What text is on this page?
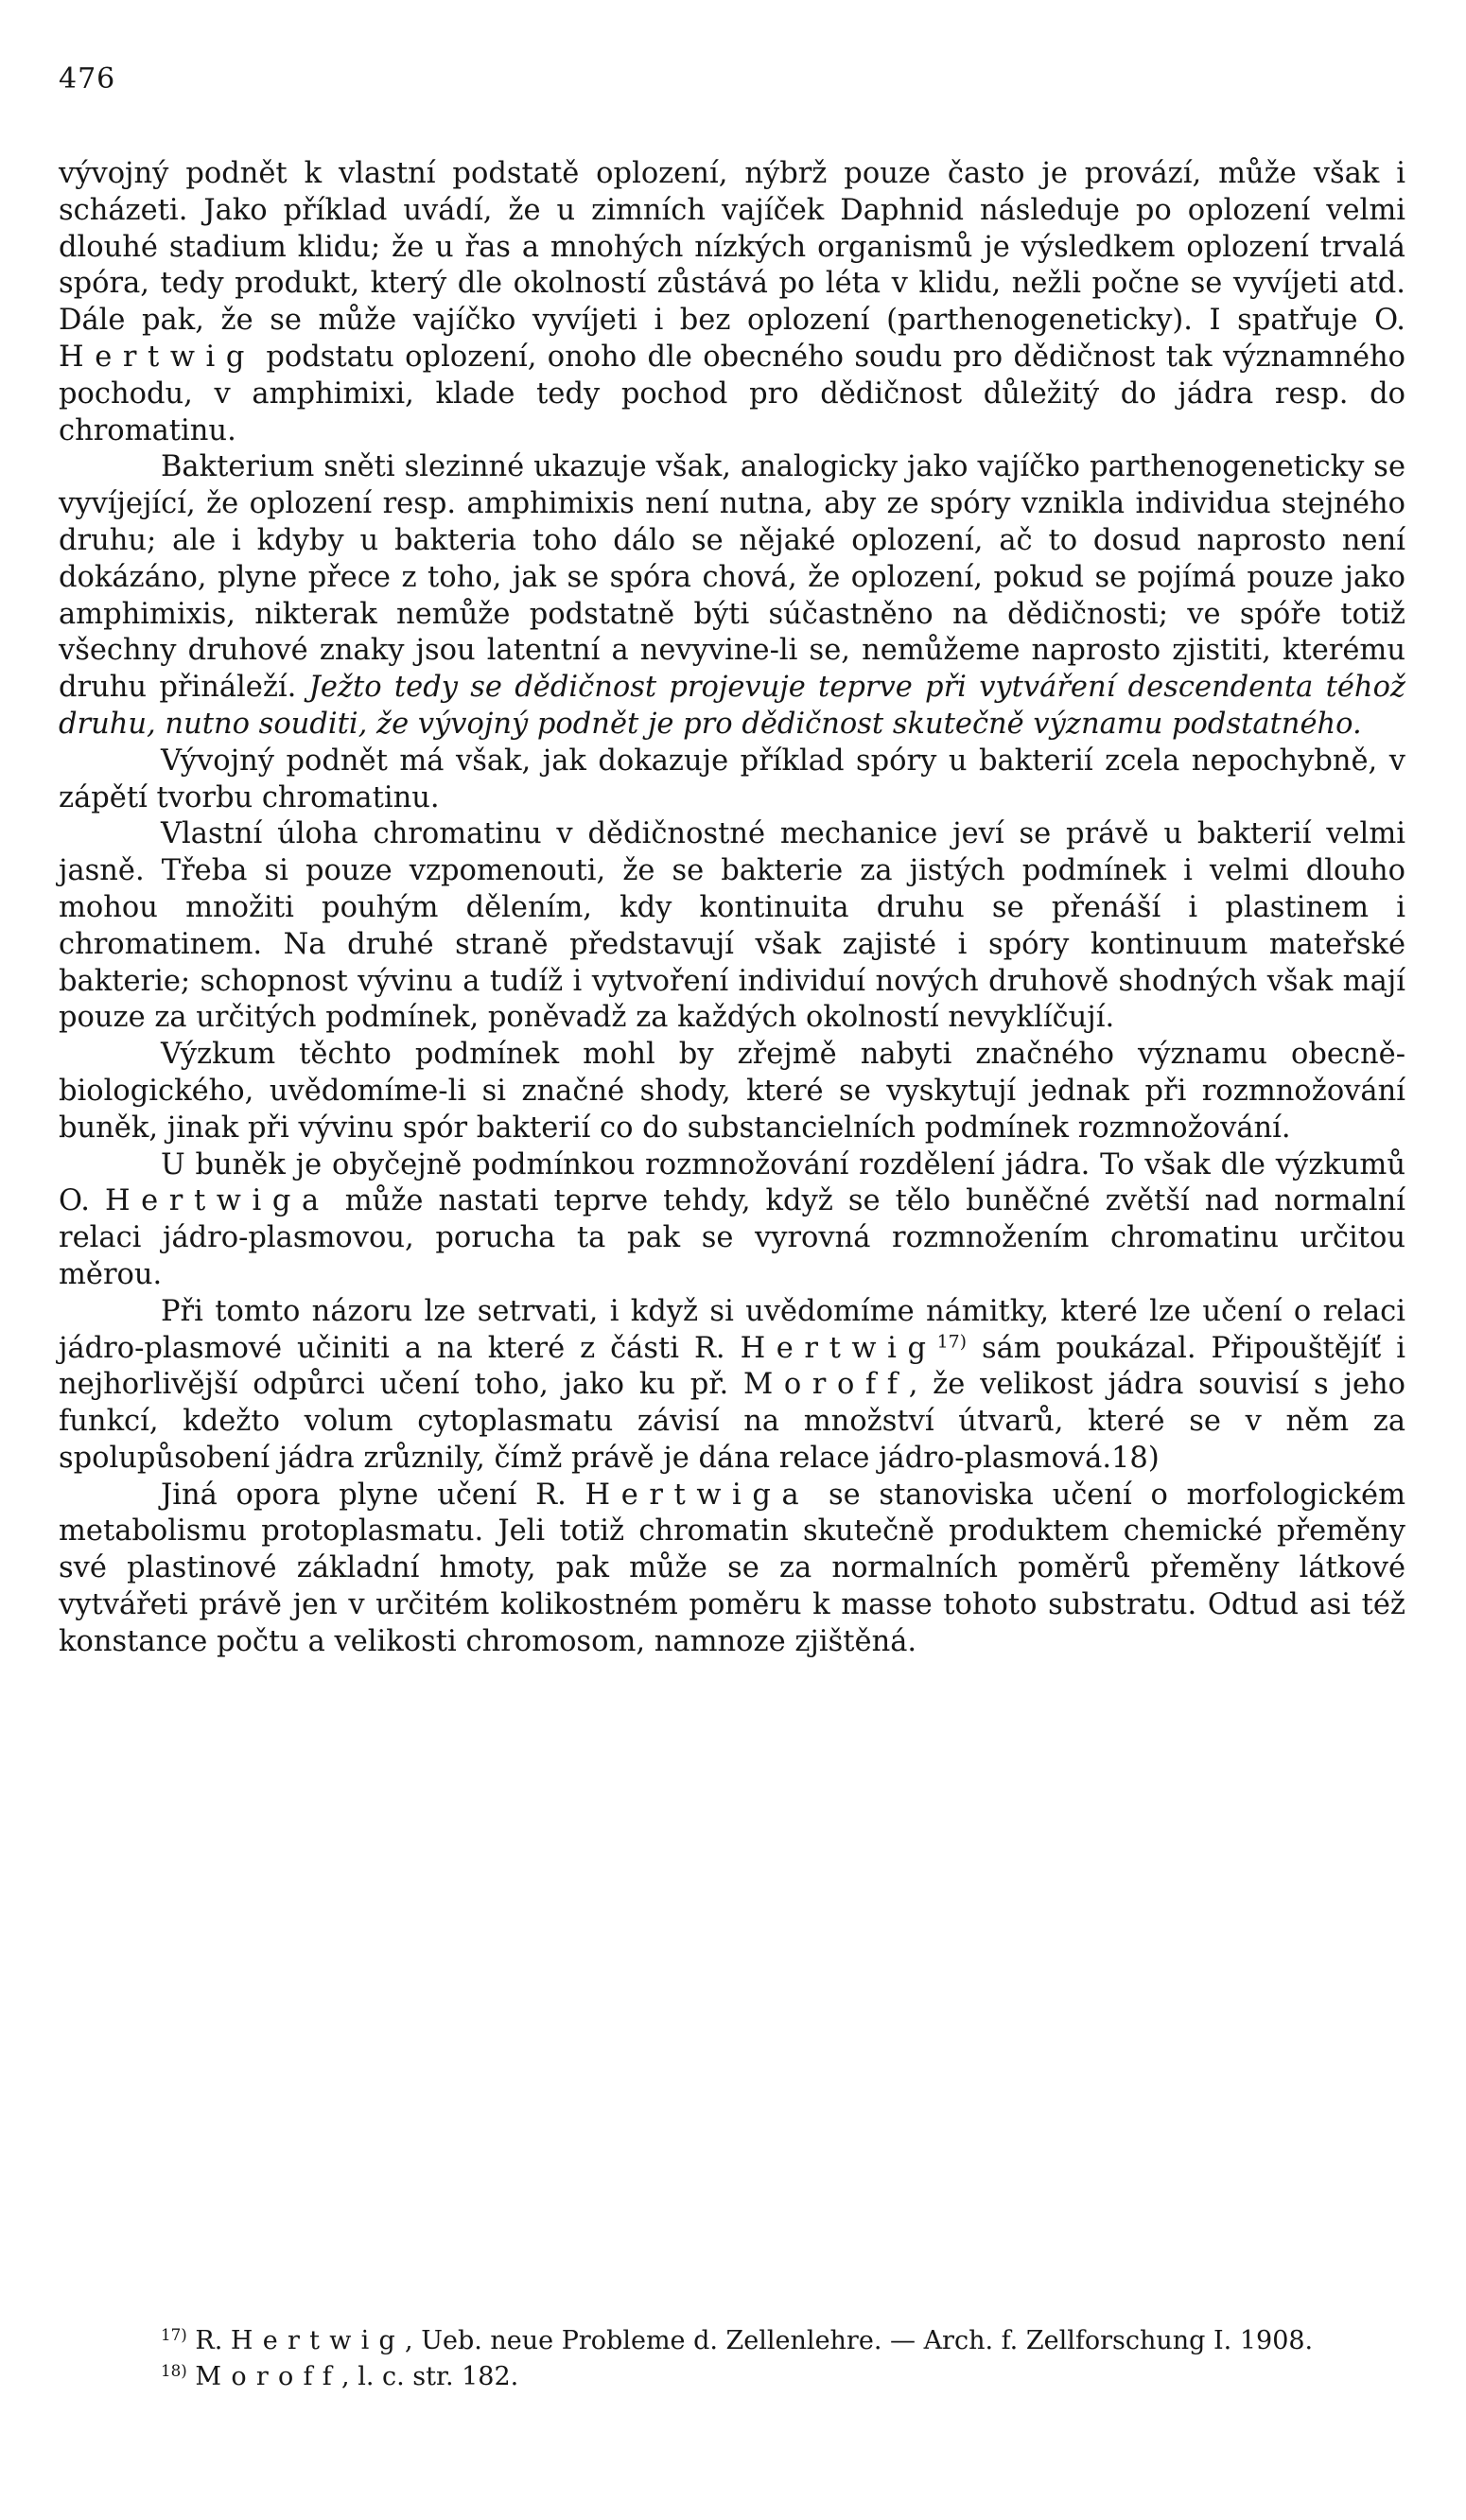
476

vývojný podnět k vlastní podstatě oplození, nýbrž pouze často je provází, může však i scházeti. Jako příklad uvádí, že u zimních vajíček Daphnid následuje po oplození velmi dlouhé stadium klidu; že u řas a mnohých nízkých organismů je výsledkem oplození trvalá spóra, tedy produkt, který dle okolností zůstává po léta v klidu, nežli počne se vyvíjeti atd. Dále pak, že se může vajíčko vyvíjeti i bez oplození (parthenogeneticky). I spatřuje O. Hertwig podstatu oplození, onoho dle obecného soudu pro dědičnost tak významného pochodu, v amphimixi, klade tedy pochod pro dědičnost důležitý do jádra resp. do chromatinu.

Bakterium sněti slezinné ukazuje však, analogicky jako vajíčko parthenogeneticky se vyvíjející, že oplození resp. amphimixis není nutna, aby ze spóry vznikla individua stejného druhu; ale i kdyby u bakteria toho dálo se nějaké oplození, ač to dosud naprosto není dokázáno, plyne přece z toho, jak se spóra chová, že oplození, pokud se pojímá pouze jako amphimixis, nikterak nemůže podstatně býti súčastněno na dědičnosti; ve spóře totiž všechny druhové znaky jsou latentní a nevyvine-li se, nemůžeme naprosto zjistiti, kterému druhu přináleží. Ježto tedy se dědičnost projevuje teprve při vytváření descendenta téhož druhu, nutno souditi, že vývojný podnět je pro dědičnost skutečně významu podstatného.

Vývojný podnět má však, jak dokazuje příklad spóry u bakterií zcela nepochybně, v zápětí tvorbu chromatinu.

Vlastní úloha chromatinu v dědičnostné mechanice jeví se právě u bakterií velmi jasně. Třeba si pouze vzpomenouti, že se bakterie za jistých podmínek i velmi dlouho mohou množiti pouhým dělením, kdy kontinuita druhu se přenáší i plastinem i chromatinem. Na druhé straně představují však zajisté i spóry kontinuum mateřské bakterie; schopnost vývinu a tudíž i vytvoření individuí nových druhově shodných však mají pouze za určitých podmínek, poněvadž za každých okolností nevyklíčují.

Výzkum těchto podmínek mohl by zřejmě nabyti značného významu obecně-biologického, uvědomíme-li si značné shody, které se vyskytují jednak při rozmnožování buněk, jinak při vývinu spór bakterií co do substancielních podmínek rozmnožování.

U buněk je obyčejně podmínkou rozmnožování rozdělení jádra. To však dle výzkumů O. Hertwiga může nastati teprve tehdy, když se tělo buněčné zvětší nad normalní relaci jádro-plasmovou, porucha ta pak se vyrovná rozmnožením chromatinu určitou měrou.

Při tomto názoru lze setrvati, i když si uvědomíme námitky, které lze učení o relaci jádro-plasmové učiniti a na které z části R. Hertwig$^{17)}$ sám poukázal. Připouštějíť i nejhorlivější odpůrci učení toho, jako ku př. Moroff, že velikost jádra souvisí s jeho funkcí, kdežto volum cytoplasmatu závisí na množství útvarů, které se v něm za spolupůsobení jádra zrůznily, čímž právě je dána relace jádro-plasmová.18)

Jiná opora plyne učení R. Hertwiga se stanoviska učení o morfologickém metabolismu protoplasmatu. Jeli totiž chromatin skutečně produktem chemické přeměny své plastinové základní hmoty, pak může se za normalních poměrů přeměny látkové vytvářeti právě jen v určitém kolikostném poměru k masse tohoto substratu. Odtud asi též konstance počtu a velikosti chromosom, namnoze zjištěná.

$^{17)}$ R. Hertwig, Ueb. neue Probleme d. Zellenlehre. — Arch. f. Zellforschung I. 1908.

$^{18)}$ Moroff, l. c. str. 182.
